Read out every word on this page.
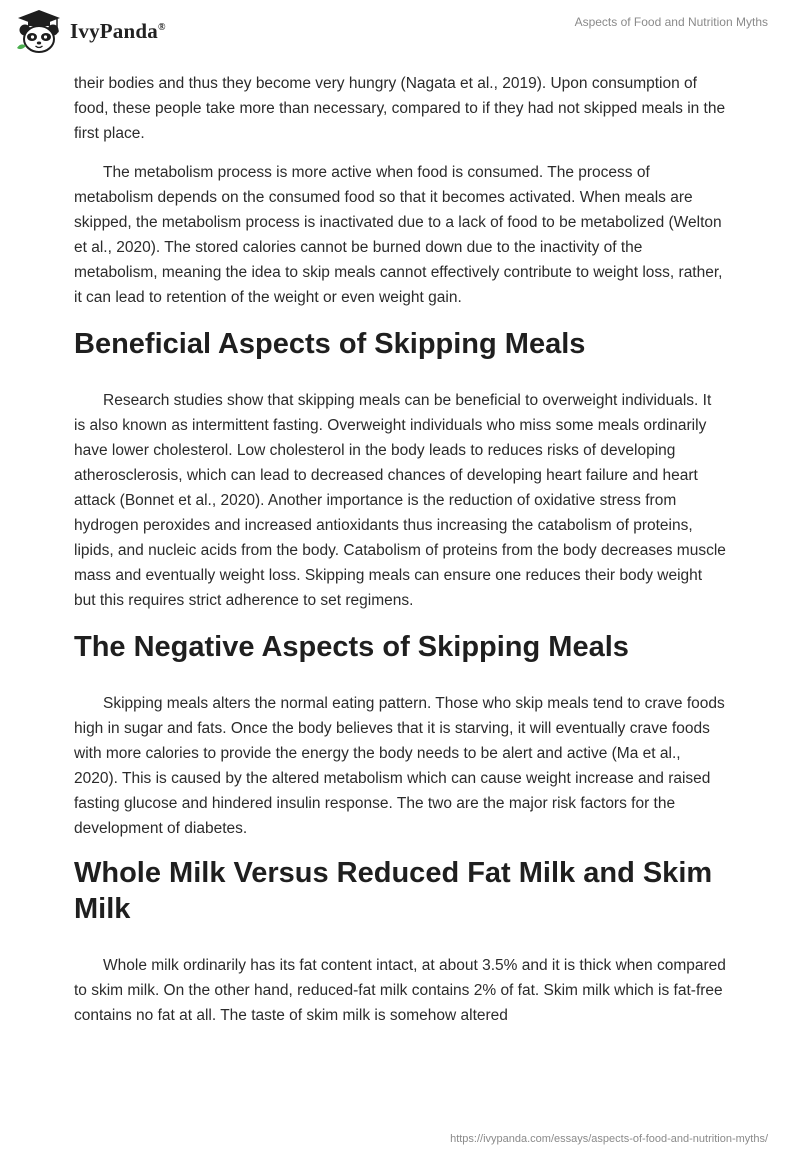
IvyPanda®	Aspects of Food and Nutrition Myths

their bodies and thus they become very hungry (Nagata et al., 2019). Upon consumption of food, these people take more than necessary, compared to if they had not skipped meals in the first place.

The metabolism process is more active when food is consumed. The process of metabolism depends on the consumed food so that it becomes activated. When meals are skipped, the metabolism process is inactivated due to a lack of food to be metabolized (Welton et al., 2020). The stored calories cannot be burned down due to the inactivity of the metabolism, meaning the idea to skip meals cannot effectively contribute to weight loss, rather, it can lead to retention of the weight or even weight gain.

Beneficial Aspects of Skipping Meals

Research studies show that skipping meals can be beneficial to overweight individuals. It is also known as intermittent fasting. Overweight individuals who miss some meals ordinarily have lower cholesterol. Low cholesterol in the body leads to reduces risks of developing atherosclerosis, which can lead to decreased chances of developing heart failure and heart attack (Bonnet et al., 2020). Another importance is the reduction of oxidative stress from hydrogen peroxides and increased antioxidants thus increasing the catabolism of proteins, lipids, and nucleic acids from the body. Catabolism of proteins from the body decreases muscle mass and eventually weight loss. Skipping meals can ensure one reduces their body weight but this requires strict adherence to set regimens.

The Negative Aspects of Skipping Meals

Skipping meals alters the normal eating pattern. Those who skip meals tend to crave foods high in sugar and fats. Once the body believes that it is starving, it will eventually crave foods with more calories to provide the energy the body needs to be alert and active (Ma et al., 2020). This is caused by the altered metabolism which can cause weight increase and raised fasting glucose and hindered insulin response. The two are the major risk factors for the development of diabetes.

Whole Milk Versus Reduced Fat Milk and Skim Milk

Whole milk ordinarily has its fat content intact, at about 3.5% and it is thick when compared to skim milk. On the other hand, reduced-fat milk contains 2% of fat. Skim milk which is fat-free contains no fat at all. The taste of skim milk is somehow altered

https://ivypanda.com/essays/aspects-of-food-and-nutrition-myths/
